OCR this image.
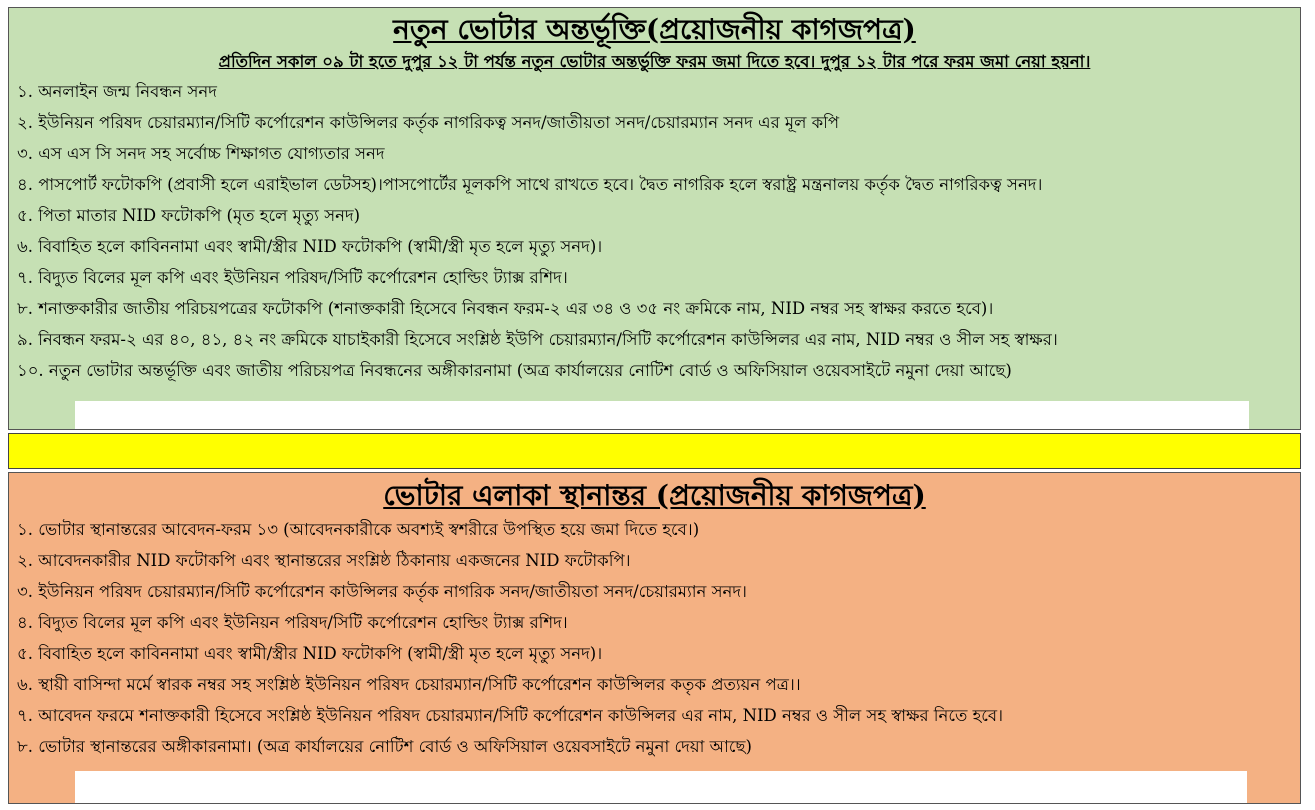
নতুন ভোটার অন্তর্ভূক্তি(প্রয়োজনীয় কাগজপত্র)

প্রতিদিন সকাল ০৯ টা হতে দুপুর ১২ টা পর্যন্ত নতুন ভোটার অন্তর্ভুক্তি ফরম জমা দিতে হবে। দুপুর ১২ টার পরে ফরম জমা নেয়া হয়না।

১. অনলাইন জন্ম নিবন্ধন সনদ
২. ইউনিয়ন পরিষদ চেয়ারম্যান/সিটি কর্পোরেশন কাউন্সিলর কর্তৃক নাগরিকত্ব সনদ/জাতীয়তা সনদ/চেয়ারম্যান সনদ এর মূল কপি
৩. এস এস সি সনদ সহ সর্বোচ্চ শিক্ষাগত যোগ্যতার সনদ
৪. পাসপোর্ট ফটোকপি (প্রবাসী হলে এরাইভাল ডেটসহ)।পাসপোর্টের মূলকপি সাথে রাখতে হবে। দ্বৈত নাগরিক হলে স্বরাষ্ট্র মন্ত্রনালয় কর্তৃক দ্বৈত নাগরিকত্ব সনদ।
৫. পিতা মাতার NID ফটোকপি (মৃত হলে মৃত্যু সনদ)
৬. বিবাহিত হলে কাবিননামা এবং স্বামী/স্ত্রীর NID ফটোকপি (স্বামী/স্ত্রী মৃত হলে মৃত্যু সনদ)।
৭. বিদ্যুত বিলের মূল কপি এবং ইউনিয়ন পরিষদ/সিটি কর্পোরেশন হোল্ডিং ট্যাক্স রশিদ।
৮. শনাক্তকারীর জাতীয় পরিচয়পত্রের ফটোকপি (শনাক্তকারী হিসেবে নিবন্ধন ফরম-২ এর ৩৪ ও ৩৫ নং ক্রমিকে নাম, NID নম্বর সহ স্বাক্ষর করতে হবে)।
৯. নিবন্ধন ফরম-২ এর ৪০, ৪১, ৪২ নং ক্রমিকে যাচাইকারী হিসেবে সংশ্লিষ্ঠ ইউপি চেয়ারম্যান/সিটি কর্পোরেশন কাউন্সিলর এর নাম, NID নম্বর ও সীল সহ স্বাক্ষর।
১০. নতুন ভোটার অন্তর্ভূক্তি এবং জাতীয় পরিচয়পত্র নিবন্ধনের অঙ্গীকারনামা (অত্র কার্যালয়ের নোটিশ বোর্ড ও অফিসিয়াল ওয়েবসাইটে নমুনা দেয়া আছে)
ভোটার এলাকা স্থানান্তর (প্রয়োজনীয় কাগজপত্র)
১. ভোটার স্থানান্তরের আবেদন-ফরম ১৩ (আবেদনকারীকে অবশ্যই স্বশরীরে উপস্থিত হয়ে জমা দিতে হবে।)
২. আবেদনকারীর NID ফটোকপি এবং স্থানান্তরের সংশ্লিষ্ঠ ঠিকানায় একজনের NID ফটোকপি।
৩. ইউনিয়ন পরিষদ চেয়ারম্যান/সিটি কর্পোরেশন কাউন্সিলর কর্তৃক নাগরিক সনদ/জাতীয়তা সনদ/চেয়ারম্যান সনদ।
৪. বিদ্যুত বিলের মূল কপি এবং ইউনিয়ন পরিষদ/সিটি কর্পোরেশন হোল্ডিং ট্যাক্স রশিদ।
৫. বিবাহিত হলে কাবিননামা এবং স্বামী/স্ত্রীর NID ফটোকপি (স্বামী/স্ত্রী মৃত হলে মৃত্যু সনদ)।
৬. স্থায়ী বাসিন্দা মর্মে স্বারক নম্বর সহ সংশ্লিষ্ঠ ইউনিয়ন পরিষদ চেয়ারম্যান/সিটি কর্পোরেশন কাউন্সিলর কতৃক প্রত্যয়ন পত্র।।
৭. আবেদন ফরমে শনাক্তকারী হিসেবে সংশ্লিষ্ঠ ইউনিয়ন পরিষদ চেয়ারম্যান/সিটি কর্পোরেশন কাউন্সিলর এর নাম, NID নম্বর ও সীল সহ স্বাক্ষর নিতে হবে।
৮. ভোটার স্থানান্তরের অঙ্গীকারনামা। (অত্র কার্যালয়ের নোটিশ বোর্ড ও অফিসিয়াল ওয়েবসাইটে নমুনা দেয়া আছে)
